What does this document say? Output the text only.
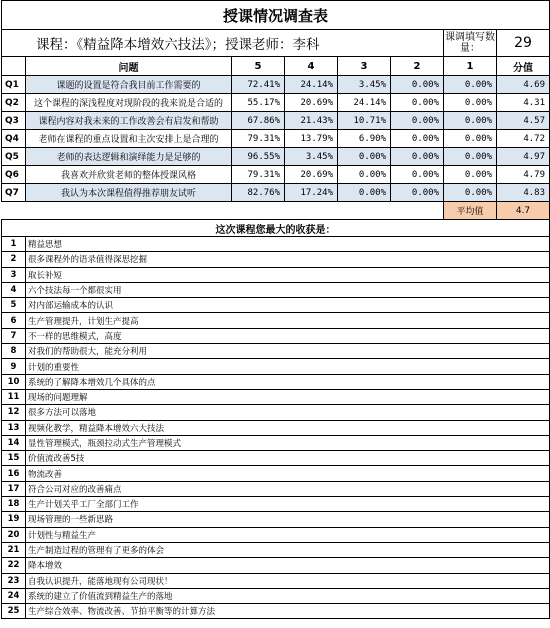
授课情况调查表							
课程：《精益降本增效六技法》；授课老师：李科						课调填写数量：	29
	问题	5	4	3	2	1	分值
Q1	课题的设置是符合我目前工作需要的	72.41%	24.14%	3.45%	0.00%	0.00%	4.69
Q2	这个课程的深浅程度对现阶段的我来说是合适的	55.17%	20.69%	24.14%	0.00%	0.00%	4.31
Q3	课程内容对我未来的工作改善会有启发和帮助	67.86%	21.43%	10.71%	0.00%	0.00%	4.57
Q4	老师在课程的重点设置和主次安排上是合理的	79.31%	13.79%	6.90%	0.00%	0.00%	4.72
Q5	老师的表达逻辑和演绎能力是足够的	96.55%	3.45%	0.00%	0.00%	0.00%	4.97
Q6	我喜欢并欣赏老师的整体授课风格	79.31%	20.69%	0.00%	0.00%	0.00%	4.79
Q7	我认为本次课程值得推荐朋友试听	82.76%	17.24%	0.00%	0.00%	0.00%	4.83
						平均值	4.7
这次课程您最大的收获是：							
1	精益思想						
2	很多课程外的语录值得深思挖掘						
3	取长补短						
4	六个技法每一个都很实用						
5	对内部运输成本的认识						
6	生产管理提升，计划生产提高						
7	不一样的思维模式，高度						
8	对我们的帮助很大，能充分利用						
9	计划的重要性						
10	系统的了解降本增效几个具体的点						
11	现场的问题理解						
12	很多方法可以落地						
13	视频化教学，精益降本增效六大技法						
14	显性管理模式，瓶颈拉动式生产管理模式						
15	价值流改善5技						
16	物流改善						
17	符合公司对应的改善痛点						
18	生产计划关乎工厂全部门工作						
19	现场管理的一些新思路						
20	计划性与精益生产						
21	生产制造过程的管理有了更多的体会						
22	降本增效						
23	自我认识提升，能落地现有公司现状！						
24	系统的建立了价值流到精益生产的落地						
25	生产综合效率、物流改善、节拍平衡等的计算方法						
